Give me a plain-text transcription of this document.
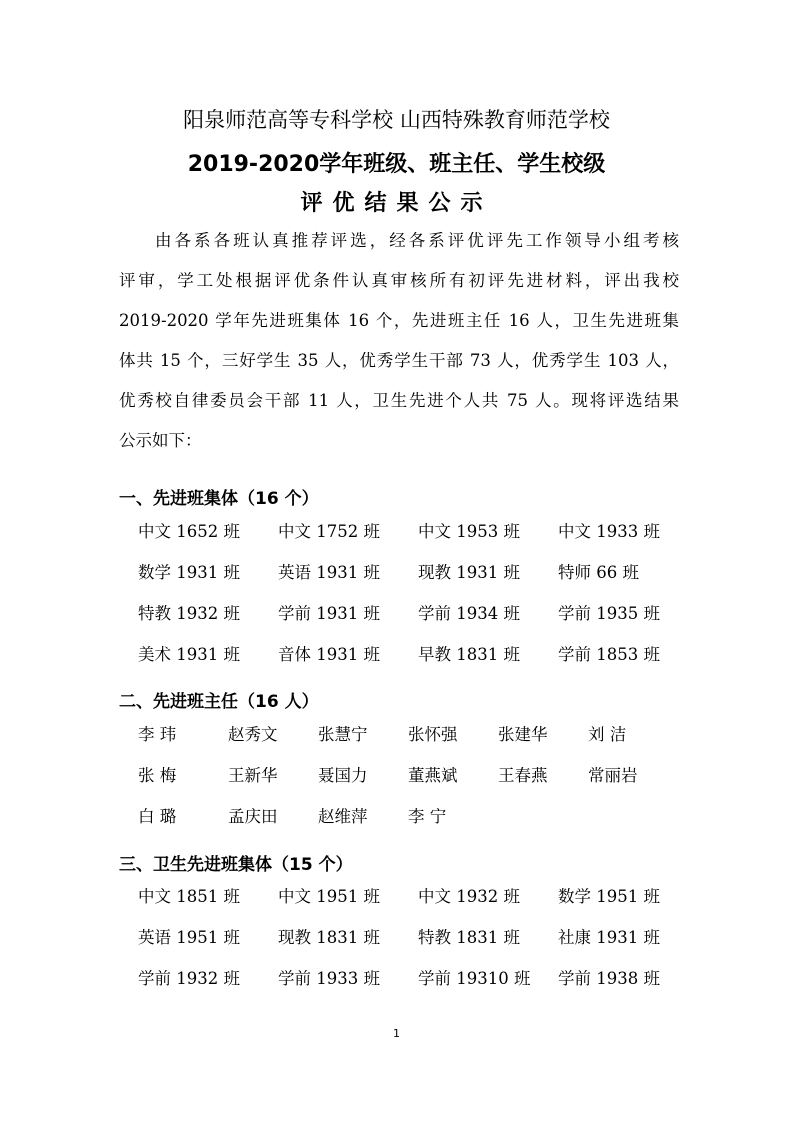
阳泉师范高等专科学校 山西特殊教育师范学校
2019-2020学年班级、班主任、学生校级
评优结果公示
由各系各班认真推荐评选，经各系评优评先工作领导小组考核
评审，学工处根据评优条件认真审核所有初评先进材料，评出我校
2019-2020 学年先进班集体 16 个，先进班主任 16 人，卫生先进班集
体共 15 个，三好学生 35 人，优秀学生干部 73 人，优秀学生 103 人，
优秀校自律委员会干部 11 人，卫生先进个人共 75 人。现将评选结果
公示如下：
一、先进班集体（16 个）
中文 1652 班	中文 1752 班	中文 1953 班	中文 1933 班
数学 1931 班	英语 1931 班	现教 1931 班	特师 66 班
特教 1932 班	学前 1931 班	学前 1934 班	学前 1935 班
美术 1931 班	音体 1931 班	早教 1831 班	学前 1853 班
二、先进班主任（16 人）
李 玮	赵秀文	张慧宁	张怀强	张建华	刘 洁
张 梅	王新华	聂国力	董燕斌	王春燕	常丽岩
白 璐	孟庆田	赵维萍	李 宁
三、卫生先进班集体（15 个）
中文 1851 班	中文 1951 班	中文 1932 班	数学 1951 班
英语 1951 班	现教 1831 班	特教 1831 班	社康 1931 班
学前 1932 班	学前 1933 班	学前 19310 班	学前 1938 班
1
